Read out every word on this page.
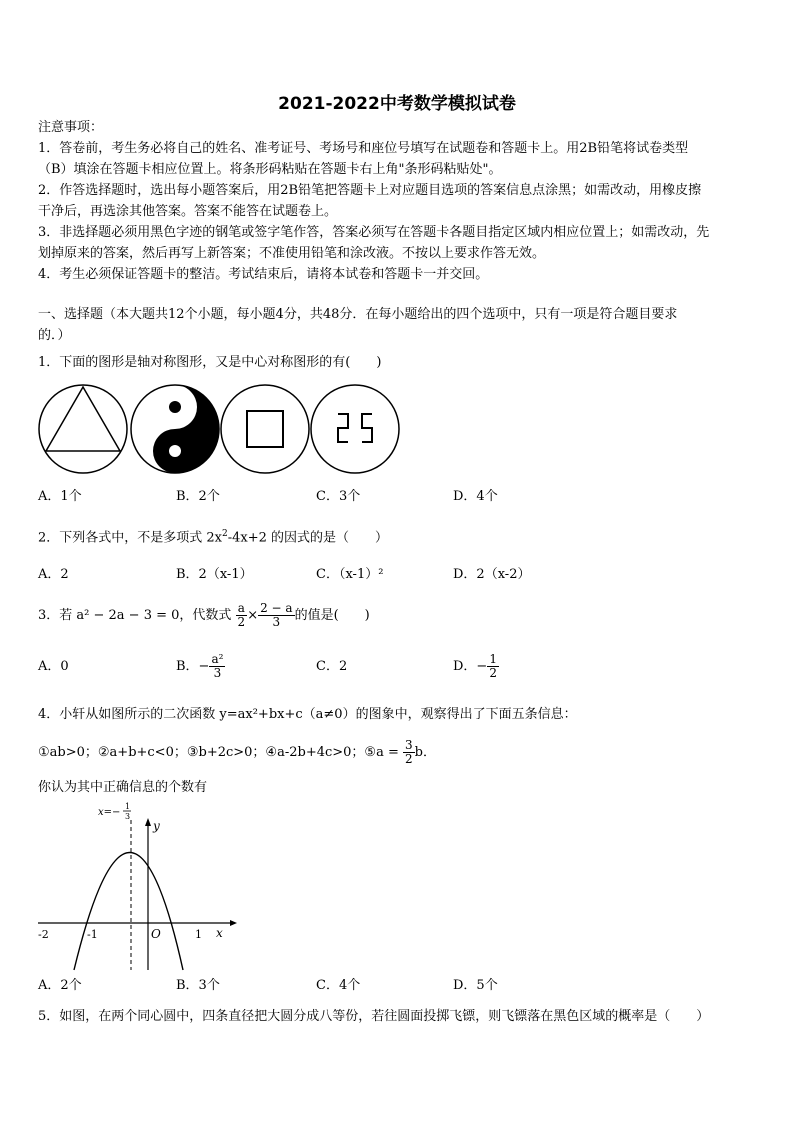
2021-2022中考数学模拟试卷
注意事项：
1．答卷前，考生务必将自己的姓名、准考证号、考场号和座位号填写在试题卷和答题卡上。用2B铅笔将试卷类型
（B）填涂在答题卡相应位置上。将条形码粘贴在答题卡右上角"条形码粘贴处"。
2．作答选择题时，选出每小题答案后，用2B铅笔把答题卡上对应题目选项的答案信息点涂黑；如需改动，用橡皮擦
干净后，再选涂其他答案。答案不能答在试题卷上。
3．非选择题必须用黑色字迹的钢笔或签字笔作答，答案必须写在答题卡各题目指定区域内相应位置上；如需改动，先
划掉原来的答案，然后再写上新答案；不准使用铅笔和涂改液。不按以上要求作答无效。
4．考生必须保证答题卡的整洁。考试结束后，请将本试卷和答题卡一并交回。
一、选择题（本大题共12个小题，每小题4分，共48分．在每小题给出的四个选项中，只有一项是符合题目要求
的．）
1．下面的图形是轴对称图形，又是中心对称图形的有(　　)
A．1个	B．2个	C．3个	D．4个
2．下列各式中，不是多项式 $2x^2-4x+2$ 的因式的是（　　）
A．2	B．2（x-1）	C．（x-1）²	D．2（x-2）
3．若 a² − 2a − 3 = 0，代数式 $\frac{a}{2} \times \frac{2 - a}{3}$ 的值是(　　)
A．0	B．− $\frac{\text{a²}}{3}$	C．2	D．− $\frac{1}{2}$
4．小轩从如图所示的二次函数 y=ax²+bx+c（a≠0）的图象中，观察得出了下面五条信息：
①ab>0；②a+b+c<0；③b+2c>0；④a-2b+4c>0；⑤a = $\frac{3}{2}$ b．
你认为其中正确信息的个数有
x=−
1
3
y
x
O
-2	-1	1
A．2个	B．3个	C．4个	D．5个
5．如图，在两个同心圆中，四条直径把大圆分成八等份，若往圆面投掷飞镖，则飞镖落在黑色区域的概率是（　　）
